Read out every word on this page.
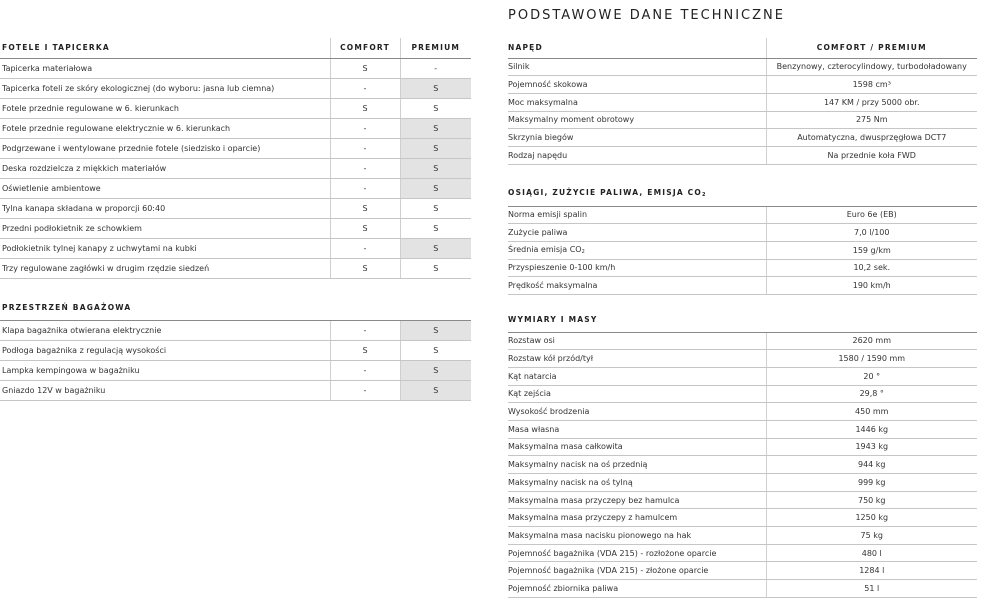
PODSTAWOWE DANE TECHNICZNE
FOTELE I TAPICERKA	COMFORT	PREMIUM
Tapicerka materiałowa	S	-
Tapicerka foteli ze skóry ekologicznej (do wyboru: jasna lub ciemna)	-	S
Fotele przednie regulowane w 6. kierunkach	S	S
Fotele przednie regulowane elektrycznie w 6. kierunkach	-	S
Podgrzewane i wentylowane przednie fotele (siedzisko i oparcie)	-	S
Deska rozdzielcza z miękkich materiałów	-	S
Oświetlenie ambientowe	-	S
Tylna kanapa składana w proporcji 60:40	S	S
Przedni podłokietnik ze schowkiem	S	S
Podłokietnik tylnej kanapy z uchwytami na kubki	-	S
Trzy regulowane zagłówki w drugim rzędzie siedzeń	S	S
PRZESTRZEŃ BAGAŻOWA		
Klapa bagażnika otwierana elektrycznie	-	S
Podłoga bagażnika z regulacją wysokości	S	S
Lampka kempingowa w bagażniku	-	S
Gniazdo 12V w bagażniku	-	S
NAPĘD	COMFORT / PREMIUM
Silnik	Benzynowy, czterocylindowy, turbodoładowany
Pojemność skokowa	1598 cm³
Moc maksymalna	147 KM / przy 5000 obr.
Maksymalny moment obrotowy	275 Nm
Skrzynia biegów	Automatyczna, dwusprzęgłowa DCT7
Rodzaj napędu	Na przednie koła FWD
OSIĄGI, ZUŻYCIE PALIWA, EMISJA $CO_2$
Norma emisji spalin	Euro 6e (EB)
Zużycie paliwa	7,0 l/100
Średnia emisja $CO_2$	159 g/km
Przyspieszenie 0-100 km/h	10,2 sek.
Prędkość maksymalna	190 km/h
WYMIARY I MASY	
Rozstaw osi	2620 mm
Rozstaw kół przód/tył	1580 / 1590 mm
Kąt natarcia	20 °
Kąt zejścia	29,8 °
Wysokość brodzenia	450 mm
Masa własna	1446 kg
Maksymalna masa całkowita	1943 kg
Maksymalny nacisk na oś przednią	944 kg
Maksymalny nacisk na oś tylną	999 kg
Maksymalna masa przyczepy bez hamulca	750 kg
Maksymalna masa przyczepy z hamulcem	1250 kg
Maksymalna masa nacisku pionowego na hak	75 kg
Pojemność bagażnika (VDA 215) - rozłożone oparcie	480 l
Pojemność bagażnika (VDA 215) - złożone oparcie	1284 l
Pojemność zbiornika paliwa	51 l
